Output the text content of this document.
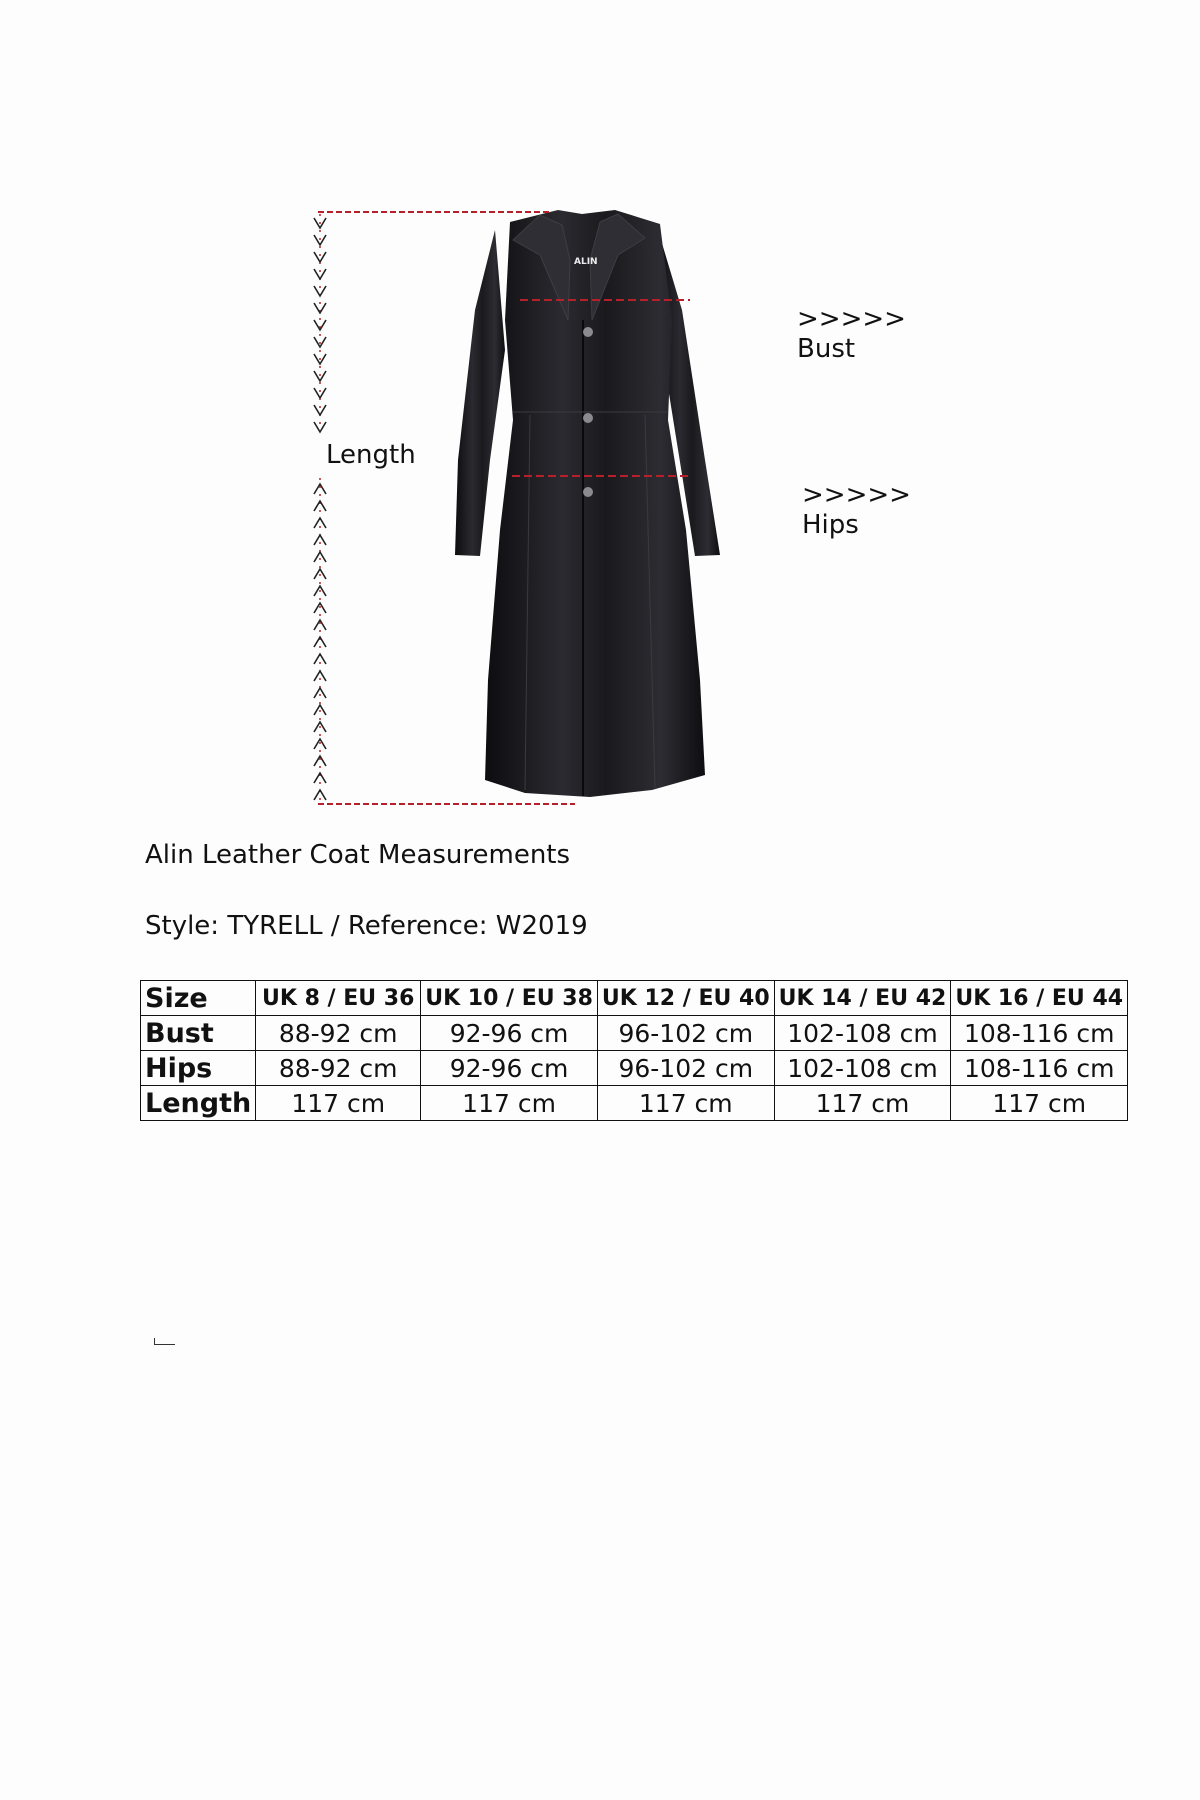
ALIN
Length
>>>>> Bust
>>>>> Hips
Alin Leather Coat Measurements
Style: TYRELL / Reference: W2019
Size	UK 8 / EU 36	UK 10 / EU 38	UK 12 / EU 40	UK 14 / EU 42	UK 16 / EU 44
Bust	88-92 cm	92-96 cm	96-102 cm	102-108 cm	108-116 cm
Hips	88-92 cm	92-96 cm	96-102 cm	102-108 cm	108-116 cm
Length	117 cm	117 cm	117 cm	117 cm	117 cm
